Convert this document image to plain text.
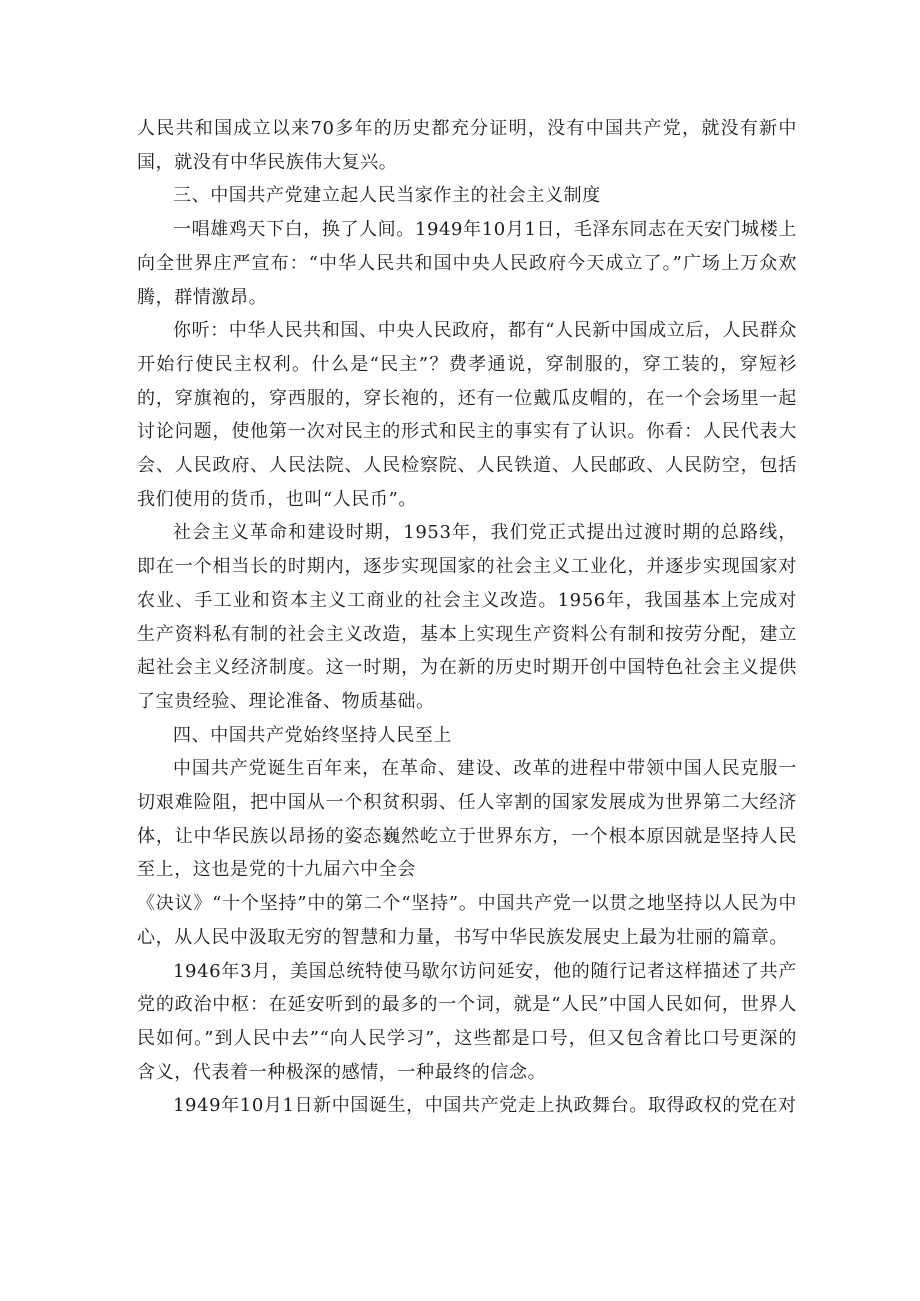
人民共和国成立以来70多年的历史都充分证明，没有中国共产党，就没有新中国，就没有中华民族伟大复兴。

三、中国共产党建立起人民当家作主的社会主义制度

一唱雄鸡天下白，换了人间。1949年10月1日，毛泽东同志在天安门城楼上向全世界庄严宣布：“中华人民共和国中央人民政府今天成立了。”广场上万众欢腾，群情激昂。

你听：中华人民共和国、中央人民政府，都有“人民新中国成立后，人民群众开始行使民主权利。什么是“民主”？费孝通说，穿制服的，穿工装的，穿短衫的，穿旗袍的，穿西服的，穿长袍的，还有一位戴瓜皮帽的，在一个会场里一起讨论问题，使他第一次对民主的形式和民主的事实有了认识。你看：人民代表大会、人民政府、人民法院、人民检察院、人民铁道、人民邮政、人民防空，包括我们使用的货币，也叫“人民币”。

社会主义革命和建设时期，1953年，我们党正式提出过渡时期的总路线，即在一个相当长的时期内，逐步实现国家的社会主义工业化，并逐步实现国家对农业、手工业和资本主义工商业的社会主义改造。1956年，我国基本上完成对生产资料私有制的社会主义改造，基本上实现生产资料公有制和按劳分配，建立起社会主义经济制度。这一时期，为在新的历史时期开创中国特色社会主义提供了宝贵经验、理论准备、物质基础。

四、中国共产党始终坚持人民至上

中国共产党诞生百年来，在革命、建设、改革的进程中带领中国人民克服一切艰难险阻，把中国从一个积贫积弱、任人宰割的国家发展成为世界第二大经济体，让中华民族以昂扬的姿态巍然屹立于世界东方，一个根本原因就是坚持人民至上，这也是党的十九届六中全会

《决议》“十个坚持”中的第二个“坚持”。中国共产党一以贯之地坚持以人民为中心，从人民中汲取无穷的智慧和力量，书写中华民族发展史上最为壮丽的篇章。

1946年3月，美国总统特使马歇尔访问延安，他的随行记者这样描述了共产党的政治中枢：在延安听到的最多的一个词，就是“人民”中国人民如何，世界人民如何。”到人民中去”“向人民学习”，这些都是口号，但又包含着比口号更深的含义，代表着一种极深的感情，一种最终的信念。

1949年10月1日新中国诞生，中国共产党走上执政舞台。取得政权的党在对
